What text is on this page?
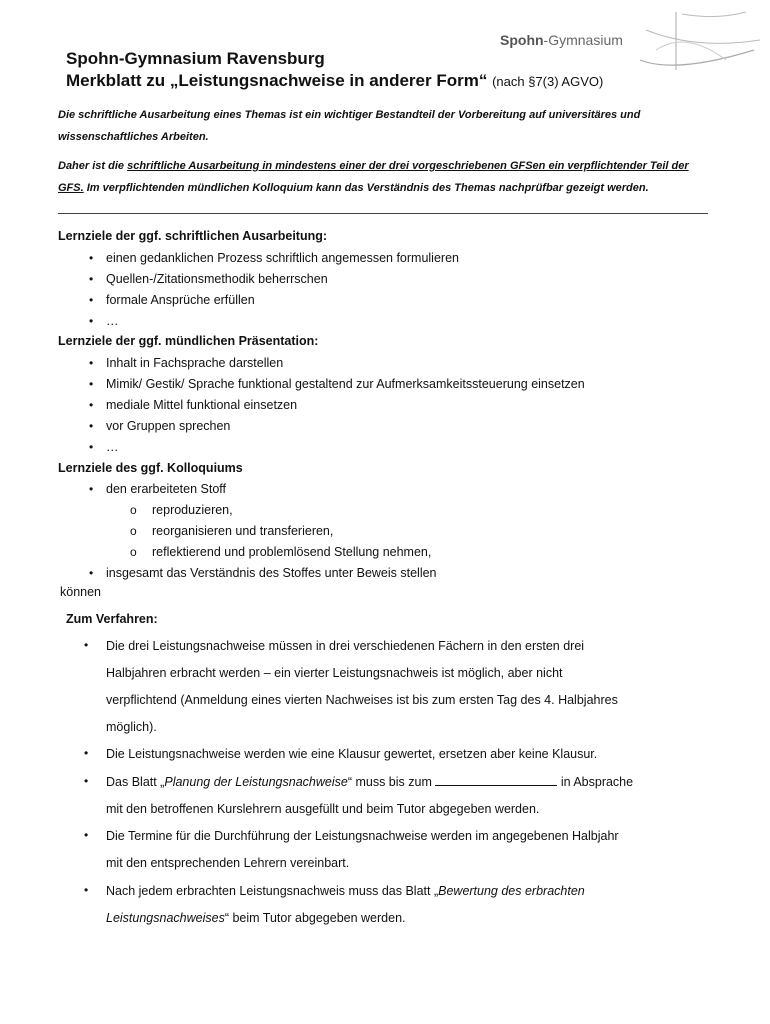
Spohn-Gymnasium
Spohn-Gymnasium Ravensburg
Merkblatt zu „Leistungsnachweise in anderer Form“ (nach §7(3) AGVO)
Die schriftliche Ausarbeitung eines Themas ist ein wichtiger Bestandteil der Vorbereitung auf universitäres und wissenschaftliches Arbeiten.
Daher ist die schriftliche Ausarbeitung in mindestens einer der drei vorgeschriebenen GFSen ein verpflichtender Teil der GFS. Im verpflichtenden mündlichen Kolloquium kann das Verständnis des Themas nachprüfbar gezeigt werden.
Lernziele der ggf. schriftlichen Ausarbeitung:
• einen gedanklichen Prozess schriftlich angemessen formulieren
• Quellen-/Zitationsmethodik beherrschen
• formale Ansprüche erfüllen
• …
Lernziele der ggf. mündlichen Präsentation:
• Inhalt in Fachsprache darstellen
• Mimik/ Gestik/ Sprache funktional gestaltend zur Aufmerksamkeitssteuerung einsetzen
• mediale Mittel funktional einsetzen
• vor Gruppen sprechen
• …
Lernziele des ggf. Kolloquiums
• den erarbeiteten Stoff
o reproduzieren,
o reorganisieren und transferieren,
o reflektierend und problemlösend Stellung nehmen,
• insgesamt das Verständnis des Stoffes unter Beweis stellen
können
Zum Verfahren:
• Die drei Leistungsnachweise müssen in drei verschiedenen Fächern in den ersten drei
Halbjahren erbracht werden – ein vierter Leistungsnachweis ist möglich, aber nicht
verpflichtend (Anmeldung eines vierten Nachweises ist bis zum ersten Tag des 4. Halbjahres
möglich).
• Die Leistungsnachweise werden wie eine Klausur gewertet, ersetzen aber keine Klausur.
• Das Blatt „Planung der Leistungsnachweise“ muss bis zum	in Absprache
mit den betroffenen Kurslehrern ausgefüllt und beim Tutor abgegeben werden.
• Die Termine für die Durchführung der Leistungsnachweise werden im angegebenen Halbjahr
mit den entsprechenden Lehrern vereinbart.
• Nach jedem erbrachten Leistungsnachweis muss das Blatt „Bewertung des erbrachten
Leistungsnachweises“ beim Tutor abgegeben werden.
